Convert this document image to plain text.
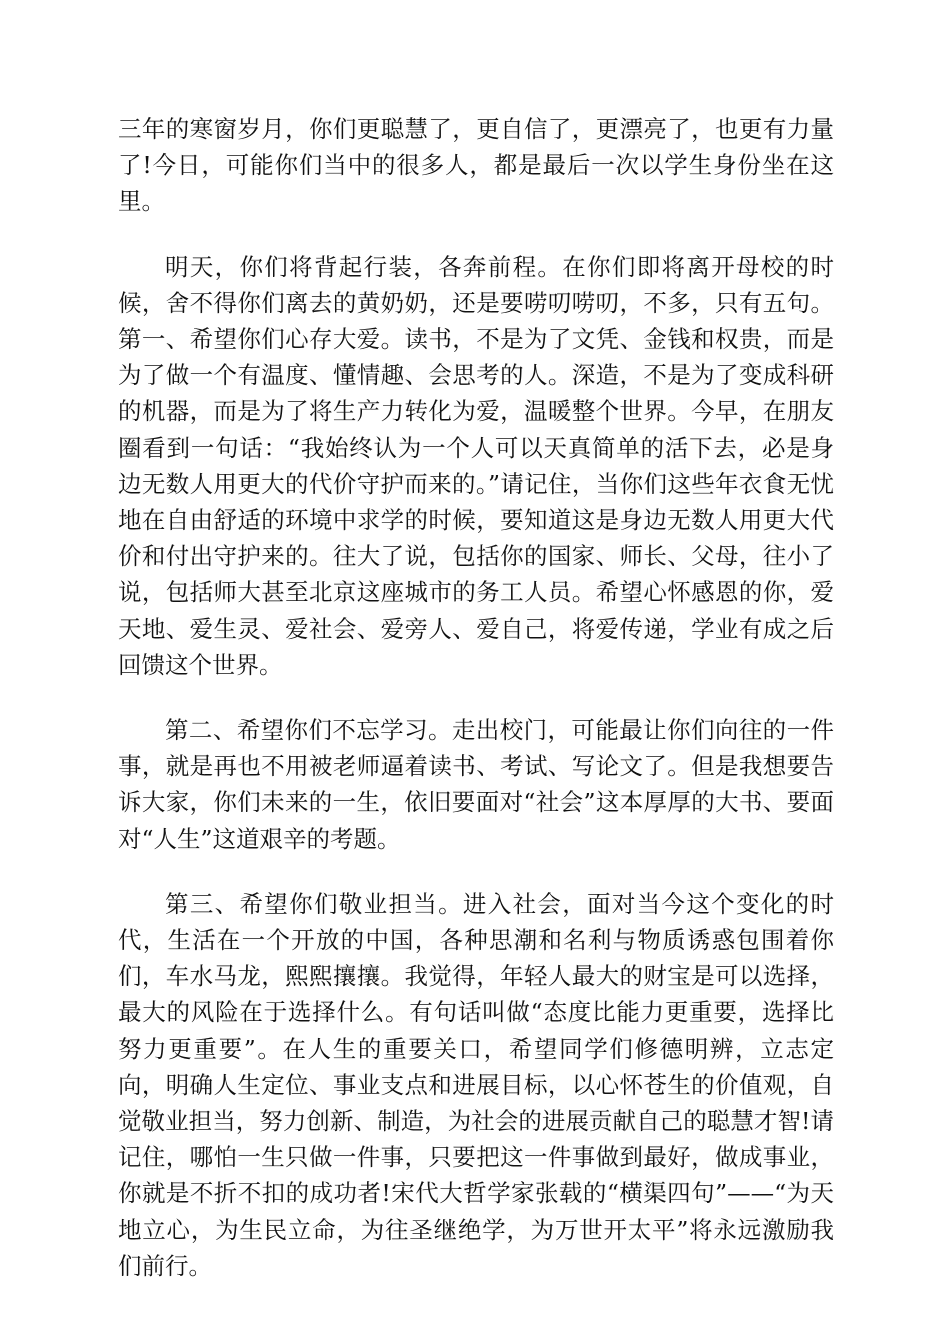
三年的寒窗岁月，你们更聪慧了，更自信了，更漂亮了，也更有力量了!今日，可能你们当中的很多人，都是最后一次以学生身份坐在这里。

明天，你们将背起行装，各奔前程。在你们即将离开母校的时候，舍不得你们离去的黄奶奶，还是要唠叨唠叨，不多，只有五句。第一、希望你们心存大爱。读书，不是为了文凭、金钱和权贵，而是为了做一个有温度、懂情趣、会思考的人。深造，不是为了变成科研的机器，而是为了将生产力转化为爱，温暖整个世界。今早，在朋友圈看到一句话：“我始终认为一个人可以天真简单的活下去，必是身边无数人用更大的代价守护而来的。”请记住，当你们这些年衣食无忧地在自由舒适的环境中求学的时候，要知道这是身边无数人用更大代价和付出守护来的。往大了说，包括你的国家、师长、父母，往小了说，包括师大甚至北京这座城市的务工人员。希望心怀感恩的你，爱天地、爱生灵、爱社会、爱旁人、爱自己，将爱传递，学业有成之后回馈这个世界。

第二、希望你们不忘学习。走出校门，可能最让你们向往的一件事，就是再也不用被老师逼着读书、考试、写论文了。但是我想要告诉大家，你们未来的一生，依旧要面对“社会”这本厚厚的大书、要面对“人生”这道艰辛的考题。

第三、希望你们敬业担当。进入社会，面对当今这个变化的时代，生活在一个开放的中国，各种思潮和名利与物质诱惑包围着你们，车水马龙，熙熙攘攘。我觉得，年轻人最大的财宝是可以选择，最大的风险在于选择什么。有句话叫做“态度比能力更重要，选择比努力更重要”。在人生的重要关口，希望同学们修德明辨，立志定向，明确人生定位、事业支点和进展目标，以心怀苍生的价值观，自觉敬业担当，努力创新、制造，为社会的进展贡献自己的聪慧才智!请记住，哪怕一生只做一件事，只要把这一件事做到最好，做成事业，你就是不折不扣的成功者!宋代大哲学家张载的“横渠四句”——“为天地立心，为生民立命，为往圣继绝学，为万世开太平”将永远激励我们前行。
